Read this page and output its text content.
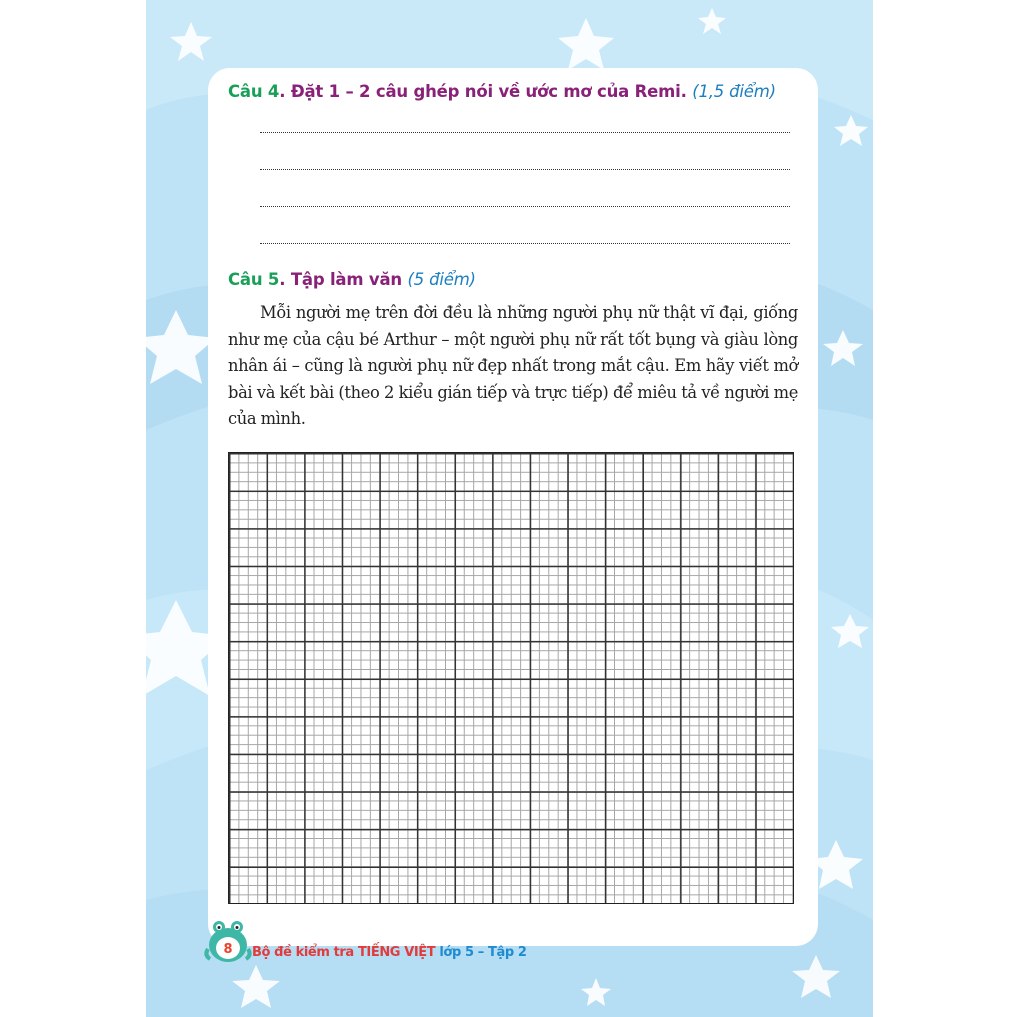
Câu 4. Đặt 1 – 2 câu ghép nói về ước mơ của Remi. (1,5 điểm)
Câu 5. Tập làm văn (5 điểm)
Mỗi người mẹ trên đời đều là những người phụ nữ thật vĩ đại, giống như mẹ của cậu bé Arthur – một người phụ nữ rất tốt bụng và giàu lòng nhân ái – cũng là người phụ nữ đẹp nhất trong mắt cậu. Em hãy viết mở bài và kết bài (theo 2 kiểu gián tiếp và trực tiếp) để miêu tả về người mẹ của mình.
8	Bộ đề kiểm tra TIẾNG VIỆT lớp 5 – Tập 2
